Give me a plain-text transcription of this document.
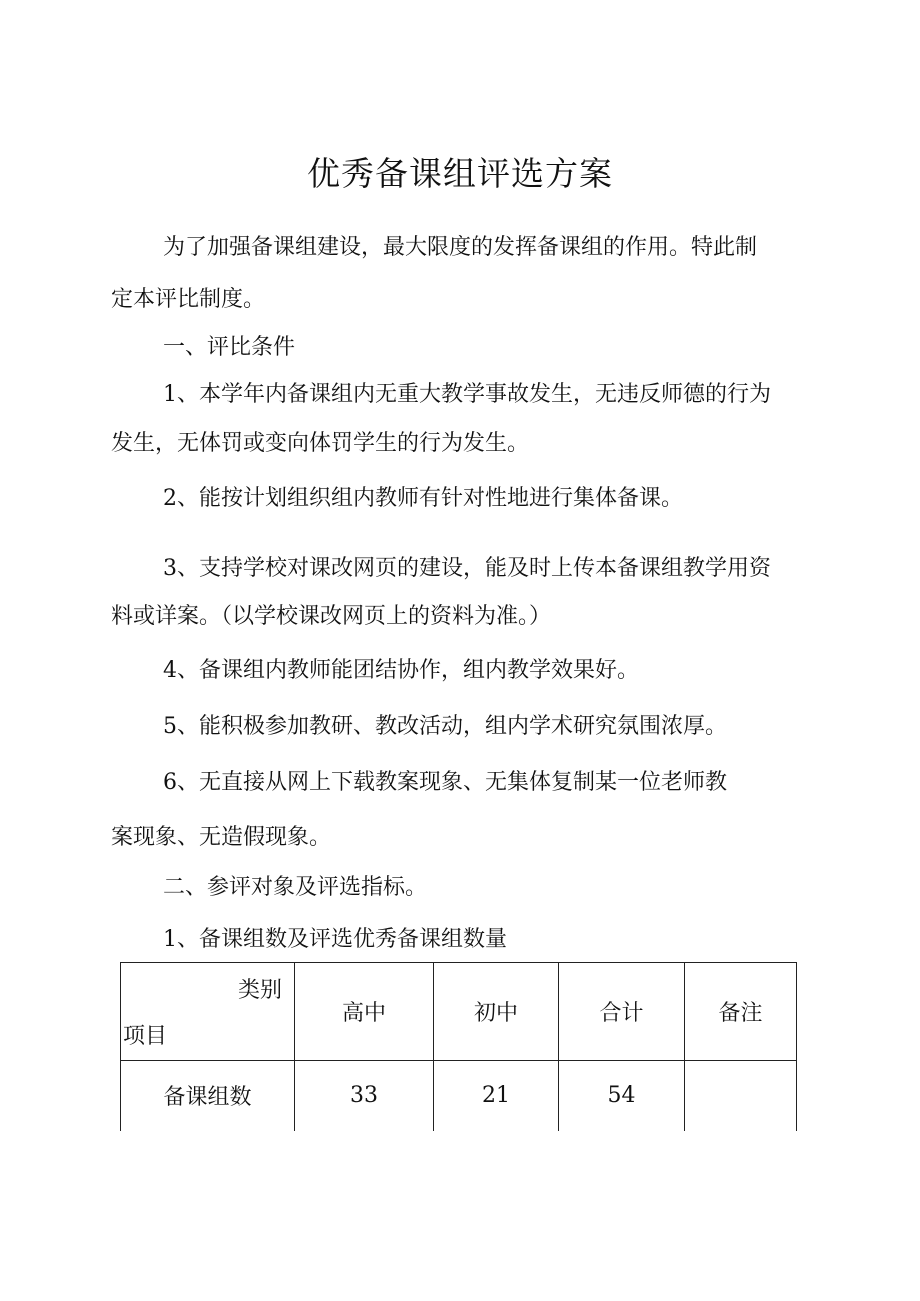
优秀备课组评选方案
为了加强备课组建设，最大限度的发挥备课组的作用。特此制
定本评比制度。
一、评比条件
1、本学年内备课组内无重大教学事故发生，无违反师德的行为
发生，无体罚或变向体罚学生的行为发生。
2、能按计划组织组内教师有针对性地进行集体备课。
3、支持学校对课改网页的建设，能及时上传本备课组教学用资
料或详案。（以学校课改网页上的资料为准。）
4、备课组内教师能团结协作，组内教学效果好。
5、能积极参加教研、教改活动，组内学术研究氛围浓厚。
6、无直接从网上下载教案现象、无集体复制某一位老师教
案现象、无造假现象。
二、参评对象及评选指标。
1、备课组数及评选优秀备课组数量
类别
项目	高中	初中	合计	备注
备课组数	33	21	54	
